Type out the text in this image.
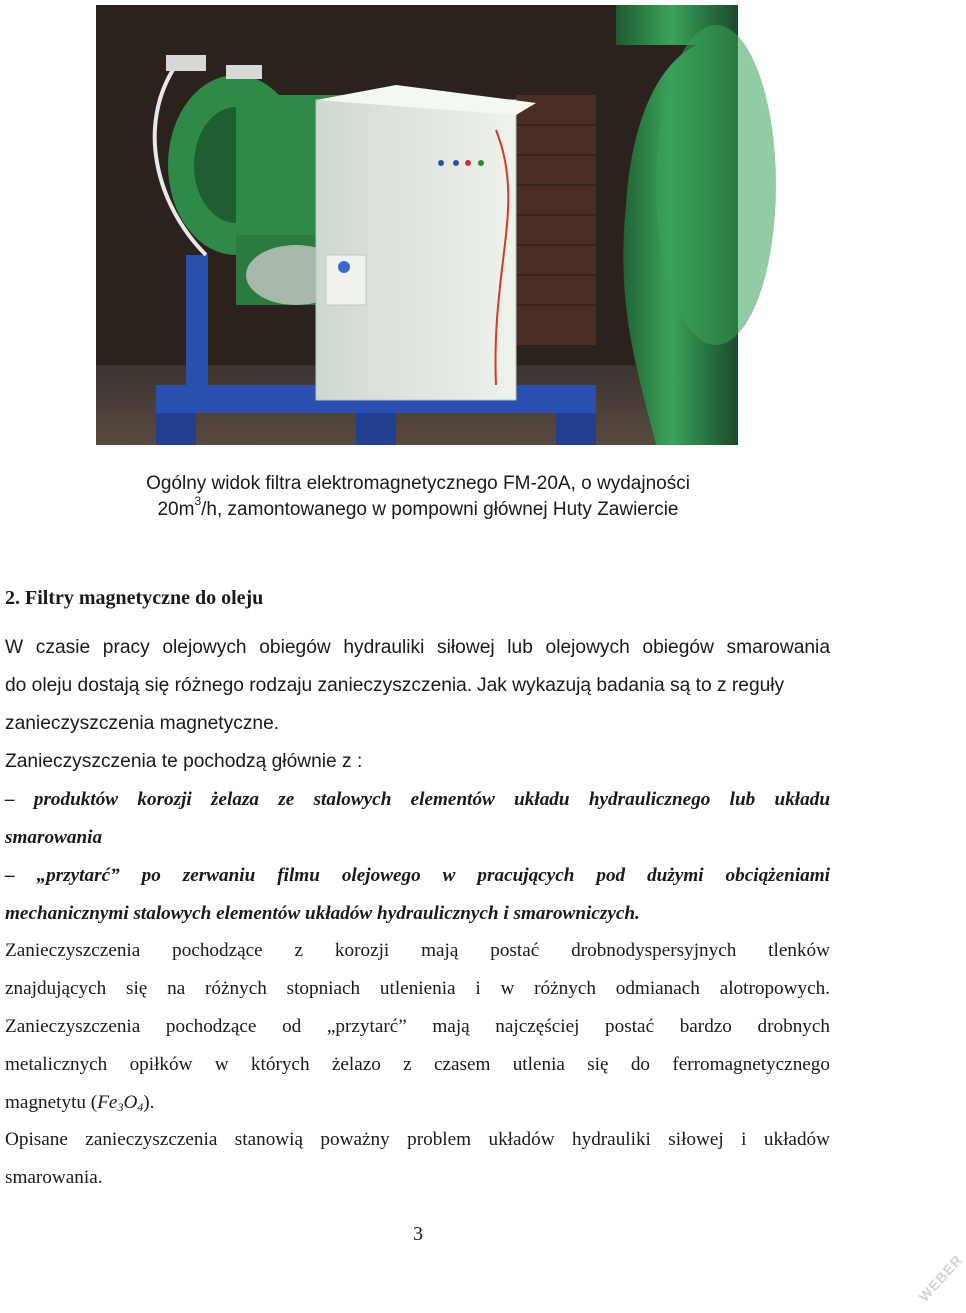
Ogólny widok filtra elektromagnetycznego FM-20A, o wydajności
$20m^3/h$, zamontowanego w pompowni głównej Huty Zawiercie
2. Filtry magnetyczne do oleju
W czasie pracy olejowych obiegów hydrauliki siłowej lub olejowych obiegów smarowania
do oleju dostają się różnego rodzaju zanieczyszczenia. Jak wykazują badania są to z reguły
zanieczyszczenia magnetyczne.
Zanieczyszczenia te pochodzą głównie z :
– produktów korozji żelaza ze stalowych elementów układu hydraulicznego lub układu
smarowania
– „przytarć” po zerwaniu filmu olejowego w pracujących pod dużymi obciążeniami
mechanicznymi stalowych elementów układów hydraulicznych i smarowniczych.
Zanieczyszczenia pochodzące z korozji mają postać drobnodyspersyjnych tlenków
znajdujących się na różnych stopniach utlenienia i w różnych odmianach alotropowych.
Zanieczyszczenia pochodzące od „przytarć” mają najczęściej postać bardzo drobnych
metalicznych opiłków w których żelazo z czasem utlenia się do ferromagnetycznego
magnetytu $(Fe_3O_4)$.
Opisane zanieczyszczenia stanowią poważny problem układów hydrauliki siłowej i układów
smarowania.
3
WEBER
